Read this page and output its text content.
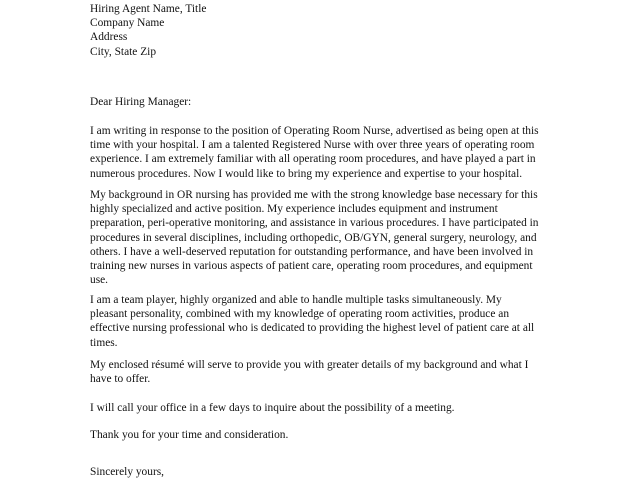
Hiring Agent Name, Title
Company Name
Address
City, State Zip
Dear Hiring Manager:
I am writing in response to the position of Operating Room Nurse, advertised as being open at this
time with your hospital. I am a talented Registered Nurse with over three years of operating room
experience. I am extremely familiar with all operating room procedures, and have played a part in
numerous procedures. Now I would like to bring my experience and expertise to your hospital.
My background in OR nursing has provided me with the strong knowledge base necessary for this
highly specialized and active position. My experience includes equipment and instrument
preparation, peri-operative monitoring, and assistance in various procedures. I have participated in
procedures in several disciplines, including orthopedic, OB/GYN, general surgery, neurology, and
others. I have a well-deserved reputation for outstanding performance, and have been involved in
training new nurses in various aspects of patient care, operating room procedures, and equipment
use.
I am a team player, highly organized and able to handle multiple tasks simultaneously. My
pleasant personality, combined with my knowledge of operating room activities, produce an
effective nursing professional who is dedicated to providing the highest level of patient care at all
times.
My enclosed résumé will serve to provide you with greater details of my background and what I
have to offer.
I will call your office in a few days to inquire about the possibility of a meeting.
Thank you for your time and consideration.
Sincerely yours,
